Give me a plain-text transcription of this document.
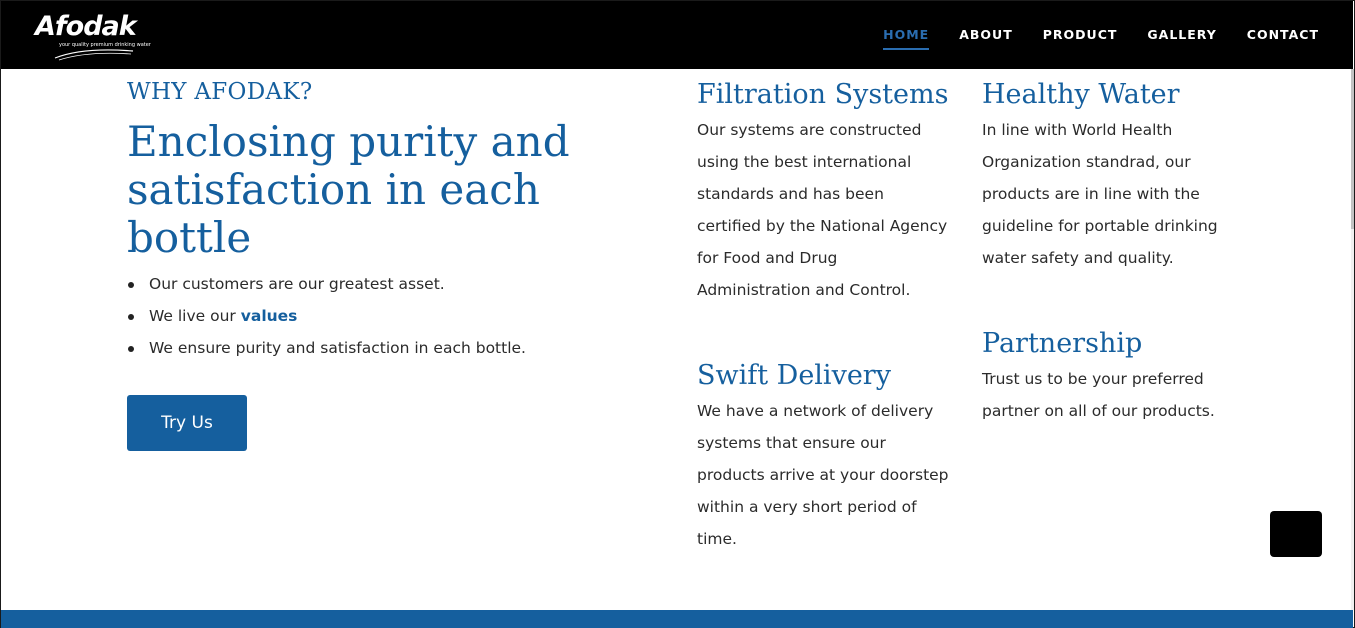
Afodak
your quality premium drinking water
HOME ABOUT PRODUCT GALLERY CONTACT
WHY AFODAK?
Enclosing purity and satisfaction in each bottle
Our customers are our greatest asset.
We live our values
We ensure purity and satisfaction in each bottle.
Try Us
Filtration Systems

Our systems are constructed using the best international standards and has been certified by the National Agency for Food and Drug Administration and Control.

Healthy Water

In line with World Health Organization standrad, our products are in line with the guideline for portable drinking water safety and quality.

Swift Delivery

We have a network of delivery systems that ensure our products arrive at your doorstep within a very short period of time.

Partnership

Trust us to be your preferred partner on all of our products.
